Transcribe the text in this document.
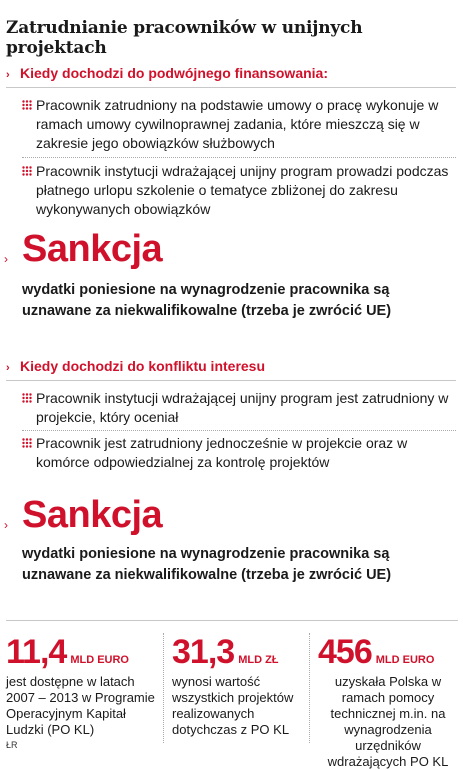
Zatrudnianie pracowników w unijnych projektach
› Kiedy dochodzi do podwójnego finansowania:
Pracownik zatrudniony na podstawie umowy o pracę wykonuje w ramach umowy cywilnoprawnej zadania, które mieszczą się w zakresie jego obowiązków służbowych
Pracownik instytucji wdrażającej unijny program prowadzi podczas płatnego urlopu szkolenie o tematyce zbliżonej do zakresu wykonywanych obowiązków
› Sankcja
wydatki poniesione na wynagrodzenie pracownika są uznawane za niekwalifikowalne (trzeba je zwrócić UE)
› Kiedy dochodzi do konfliktu interesu
Pracownik instytucji wdrażającej unijny program jest zatrudniony w projekcie, który oceniał
Pracownik jest zatrudniony jednocześnie w projekcie oraz w komórce odpowiedzialnej za kontrolę projektów
› Sankcja
wydatki poniesione na wynagrodzenie pracownika są uznawane za niekwalifikowalne (trzeba je zwrócić UE)
11,4 MLD EURO
jest dostępne w latach 2007 – 2013 w Programie Operacyjnym Kapitał Ludzki (PO KL)
31,3 MLD ZŁ
wynosi wartość wszystkich projektów realizowanych dotychczas z PO KL
456 MLD EURO
uzyskała Polska w ramach pomocy technicznej m.in. na wynagrodzenia urzędników wdrażających PO KL
ŁR
